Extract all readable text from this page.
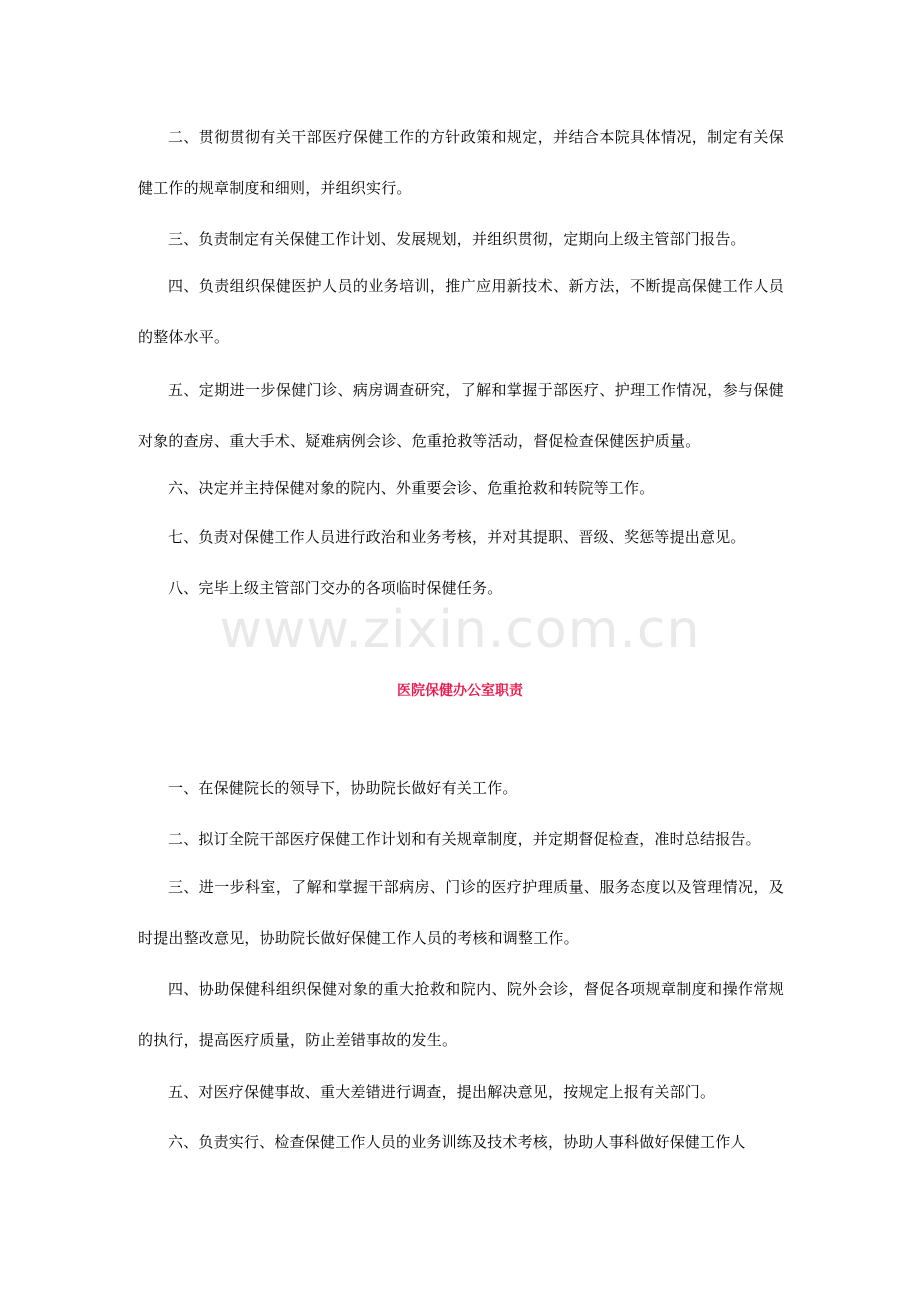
二、贯彻贯彻有关干部医疗保健工作的方针政策和规定，并结合本院具体情况，制定有关保健工作的规章制度和细则，并组织实行。

三、负责制定有关保健工作计划、发展规划，并组织贯彻，定期向上级主管部门报告。

四、负责组织保健医护人员的业务培训，推广应用新技术、新方法，不断提高保健工作人员的整体水平。

五、定期进一步保健门诊、病房调查研究，了解和掌握于部医疗、护理工作情况，参与保健对象的查房、重大手术、疑难病例会诊、危重抢救等活动，督促检查保健医护质量。

六、决定并主持保健对象的院内、外重要会诊、危重抢救和转院等工作。

七、负责对保健工作人员进行政治和业务考核，并对其提职、晋级、奖惩等提出意见。

八、完毕上级主管部门交办的各项临时保健任务。

www.zixin.com.cn
医院保健办公室职责

一、在保健院长的领导下，协助院长做好有关工作。

二、拟订全院干部医疗保健工作计划和有关规章制度，并定期督促检查，准时总结报告。

三、进一步科室，了解和掌握干部病房、门诊的医疗护理质量、服务态度以及管理情况，及时提出整改意见，协助院长做好保健工作人员的考核和调整工作。

四、协助保健科组织保健对象的重大抢救和院内、院外会诊，督促各项规章制度和操作常规的执行，提高医疗质量，防止差错事故的发生。

五、对医疗保健事故、重大差错进行调查，提出解决意见，按规定上报有关部门。

六、负责实行、检查保健工作人员的业务训练及技术考核，协助人事科做好保健工作人
